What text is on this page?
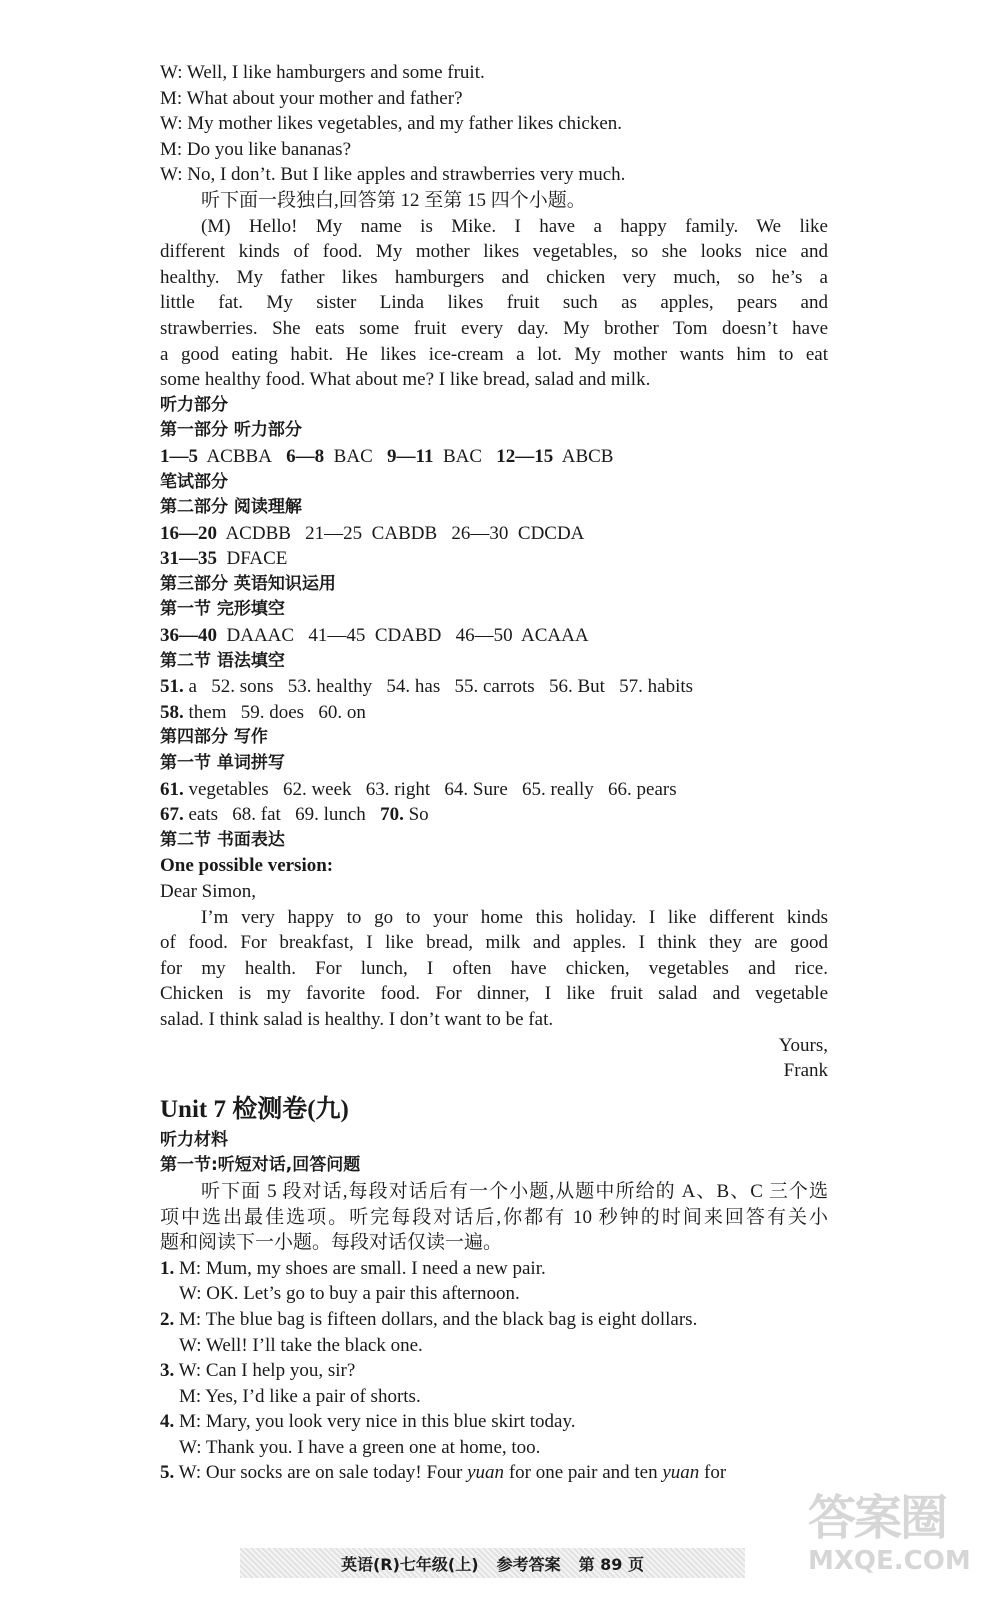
W: Well, I like hamburgers and some fruit.
M: What about your mother and father?
W: My mother likes vegetables, and my father likes chicken.
M: Do you like bananas?
W: No, I don’t. But I like apples and strawberries very much.
听下面一段独白,回答第 12 至第 15 四个小题。
(M) Hello! My name is Mike. I have a happy family. We like
different kinds of food. My mother likes vegetables, so she looks nice and
healthy. My father likes hamburgers and chicken very much, so he’s a
little fat. My sister Linda likes fruit such as apples, pears and
strawberries. She eats some fruit every day. My brother Tom doesn’t have
a good eating habit. He likes ice-cream a lot. My mother wants him to eat
some healthy food. What about me? I like bread, salad and milk.
听力部分
第一部分 听力部分
1—5 ACBBA 6—8 BAC 9—11 BAC 12—15 ABCB
笔试部分
第二部分 阅读理解
16—20 ACDBB 21—25 CABDB 26—30 CDCDA
31—35 DFACE
第三部分 英语知识运用
第一节 完形填空
36—40 DAAAC 41—45 CDABD 46—50 ACAAA
第二节 语法填空
51. a 52. sons 53. healthy 54. has 55. carrots 56. But 57. habits
58. them 59. does 60. on
第四部分 写作
第一节 单词拼写
61. vegetables 62. week 63. right 64. Sure 65. really 66. pears
67. eats 68. fat 69. lunch 70. So
第二节 书面表达
One possible version:
Dear Simon,
I’m very happy to go to your home this holiday. I like different kinds
of food. For breakfast, I like bread, milk and apples. I think they are good
for my health. For lunch, I often have chicken, vegetables and rice.
Chicken is my favorite food. For dinner, I like fruit salad and vegetable
salad. I think salad is healthy. I don’t want to be fat.
Yours,
Frank
Unit 7 检测卷(九)
听力材料
第一节:听短对话,回答问题
听下面 5 段对话,每段对话后有一个小题,从题中所给的 A、B、C 三个选
项中选出最佳选项。听完每段对话后,你都有 10 秒钟的时间来回答有关小
题和阅读下一小题。每段对话仅读一遍。
1. M: Mum, my shoes are small. I need a new pair.
W: OK. Let’s go to buy a pair this afternoon.
2. M: The blue bag is fifteen dollars, and the black bag is eight dollars.
W: Well! I’ll take the black one.
3. W: Can I help you, sir?
M: Yes, I’d like a pair of shorts.
4. M: Mary, you look very nice in this blue skirt today.
W: Thank you. I have a green one at home, too.
5. W: Our socks are on sale today! Four yuan for one pair and ten yuan for
英语(R)七年级(上) 参考答案 第 89 页
答案圈
MXQE.COM
